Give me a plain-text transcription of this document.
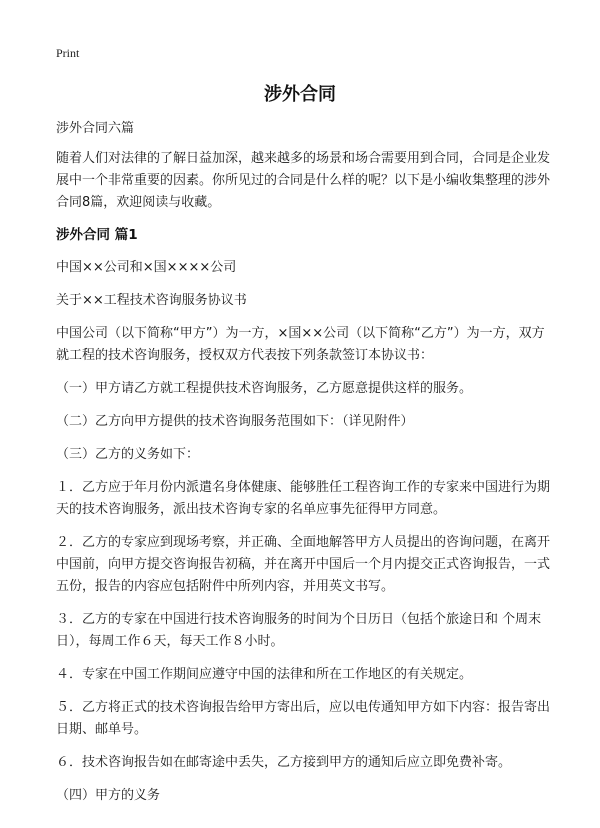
Print
涉外合同
涉外合同六篇
随着人们对法律的了解日益加深，越来越多的场景和场合需要用到合同，合同是企业发展中一个非常重要的因素。你所见过的合同是什么样的呢？以下是小编收集整理的涉外合同8篇，欢迎阅读与收藏。
涉外合同 篇1
中国××公司和×国××××公司
关于××工程技术咨询服务协议书
中国公司（以下简称“甲方”）为一方，×国××公司（以下简称“乙方”）为一方，双方就工程的技术咨询服务，授权双方代表按下列条款签订本协议书：
（一）甲方请乙方就工程提供技术咨询服务，乙方愿意提供这样的服务。
（二）乙方向甲方提供的技术咨询服务范围如下：（详见附件）
（三）乙方的义务如下：
１．乙方应于年月份内派遣名身体健康、能够胜任工程咨询工作的专家来中国进行为期天的技术咨询服务，派出技术咨询专家的名单应事先征得甲方同意。
２．乙方的专家应到现场考察，并正确、全面地解答甲方人员提出的咨询问题，在离开中国前，向甲方提交咨询报告初稿，并在离开中国后一个月内提交正式咨询报告，一式五份，报告的内容应包括附件中所列内容，并用英文书写。
３．乙方的专家在中国进行技术咨询服务的时间为个日历日（包括个旅途日和 个周末日），每周工作６天，每天工作８小时。
４．专家在中国工作期间应遵守中国的法律和所在工作地区的有关规定。
５．乙方将正式的技术咨询报告给甲方寄出后，应以电传通知甲方如下内容：报告寄出日期、邮单号。
６．技术咨询报告如在邮寄途中丢失，乙方接到甲方的通知后应立即免费补寄。
（四）甲方的义务
